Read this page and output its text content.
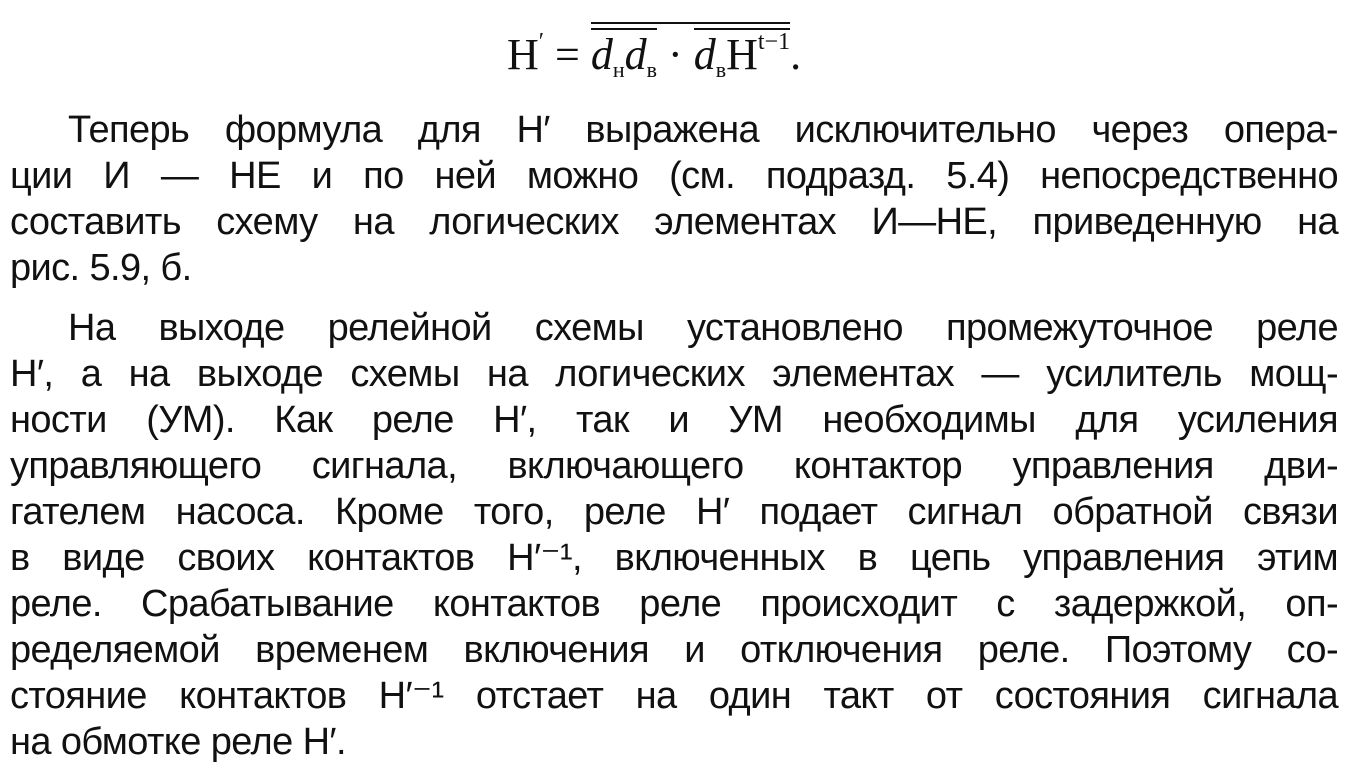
$H' = d_нd_в \cdot d_вH^{t-1}$.
Теперь формула для H′ выражена исключительно через опера-
ции И — НЕ и по ней можно (см. подразд. 5.4) непосредственно
составить схему на логических элементах И—НЕ, приведенную на
рис. 5.9, б.
На выходе релейной схемы установлено промежуточное реле
H′, а на выходе схемы на логических элементах — усилитель мощ-
ности (УМ). Как реле H′, так и УМ необходимы для усиления
управляющего сигнала, включающего контактор управления дви-
гателем насоса. Кроме того, реле H′ подает сигнал обратной связи
в виде своих контактов H′⁻¹, включенных в цепь управления этим
реле. Срабатывание контактов реле происходит с задержкой, оп-
ределяемой временем включения и отключения реле. Поэтому со-
стояние контактов H′⁻¹ отстает на один такт от состояния сигнала
на обмотке реле H′.
